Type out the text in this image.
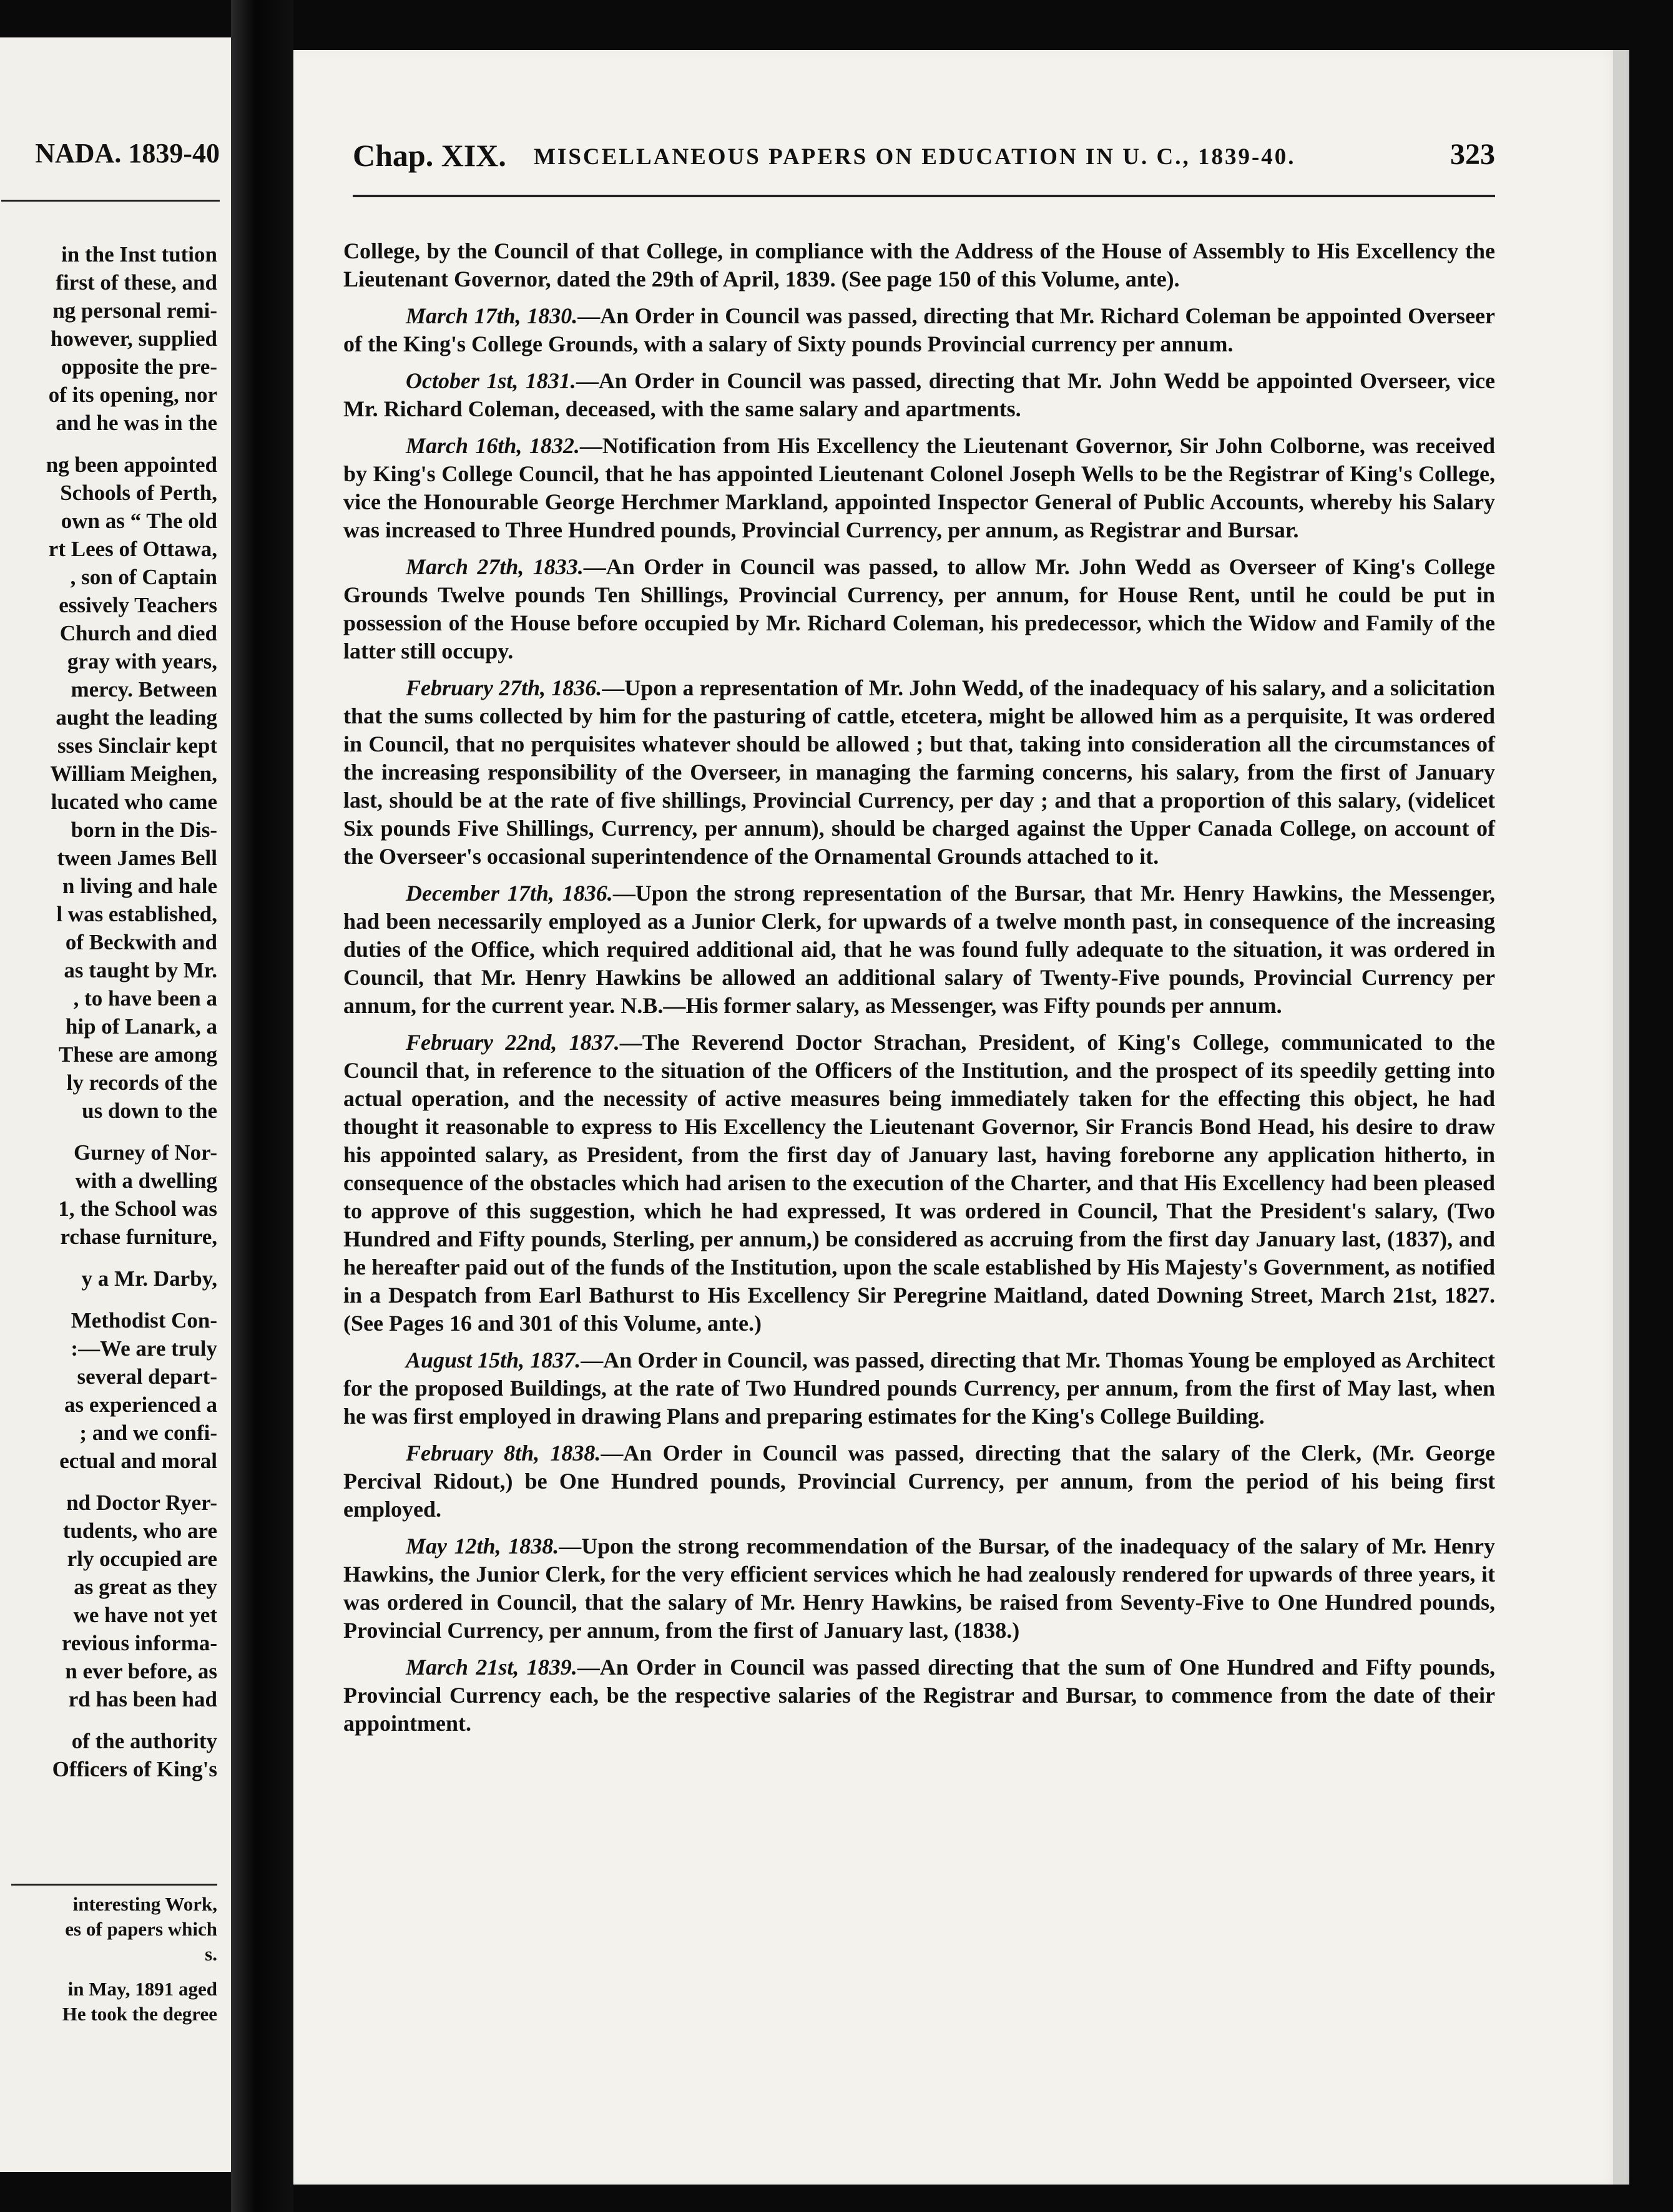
NADA. 1839-40
in the Inst tution
first of these, and
ng personal remi-
however, supplied
opposite the pre-
of its opening, nor
and he was in the
ng been appointed
Schools of Perth,
own as “ The old
rt Lees of Ottawa,
, son of Captain
essively Teachers
Church and died
gray with years,
mercy. Between
aught the leading
sses Sinclair kept
William Meighen,
lucated who came
born in the Dis-
tween James Bell
n living and hale
l was established,
of Beckwith and
as taught by Mr.
, to have been a
hip of Lanark, a
These are among
ly records of the
us down to the
Gurney of Nor-
with a dwelling
1, the School was
rchase furniture,
y a Mr. Darby,
Methodist Con-
:—We are truly
several depart-
as experienced a
; and we confi-
ectual and moral
nd Doctor Ryer-
tudents, who are
rly occupied are
as great as they
we have not yet
revious informa-
n ever before, as
rd has been had
of the authority
Officers of King's
interesting Work,
es of papers which
s.
in May, 1891 aged
He took the degree
Chap. XIX. MISCELLANEOUS PAPERS ON EDUCATION IN U. C., 1839-40.	323

College, by the Council of that College, in compliance with the Address of the House of Assembly to His Excellency the Lieutenant Governor, dated the 29th of April, 1839. (See page 150 of this Volume, ante).

March 17th, 1830.—An Order in Council was passed, directing that Mr. Richard Coleman be appointed Overseer of the King's College Grounds, with a salary of Sixty pounds Provincial currency per annum.

October 1st, 1831.—An Order in Council was passed, directing that Mr. John Wedd be appointed Overseer, vice Mr. Richard Coleman, deceased, with the same salary and apartments.

March 16th, 1832.—Notification from His Excellency the Lieutenant Governor, Sir John Colborne, was received by King's College Council, that he has appointed Lieutenant Colonel Joseph Wells to be the Registrar of King's College, vice the Honourable George Herchmer Markland, appointed Inspector General of Public Accounts, whereby his Salary was increased to Three Hundred pounds, Provincial Currency, per annum, as Registrar and Bursar.

March 27th, 1833.—An Order in Council was passed, to allow Mr. John Wedd as Overseer of King's College Grounds Twelve pounds Ten Shillings, Provincial Currency, per annum, for House Rent, until he could be put in possession of the House before occupied by Mr. Richard Coleman, his predecessor, which the Widow and Family of the latter still occupy.

February 27th, 1836.—Upon a representation of Mr. John Wedd, of the inadequacy of his salary, and a solicitation that the sums collected by him for the pasturing of cattle, etcetera, might be allowed him as a perquisite, It was ordered in Council, that no perquisites whatever should be allowed ; but that, taking into consideration all the circumstances of the increasing responsibility of the Overseer, in managing the farming concerns, his salary, from the first of January last, should be at the rate of five shillings, Provincial Currency, per day ; and that a proportion of this salary, (videlicet Six pounds Five Shillings, Currency, per annum), should be charged against the Upper Canada College, on account of the Overseer's occasional superintendence of the Ornamental Grounds attached to it.

December 17th, 1836.—Upon the strong representation of the Bursar, that Mr. Henry Hawkins, the Messenger, had been necessarily employed as a Junior Clerk, for upwards of a twelve month past, in consequence of the increasing duties of the Office, which required additional aid, that he was found fully adequate to the situation, it was ordered in Council, that Mr. Henry Hawkins be allowed an additional salary of Twenty-Five pounds, Provincial Currency per annum, for the current year. N.B.—His former salary, as Messenger, was Fifty pounds per annum.

February 22nd, 1837.—The Reverend Doctor Strachan, President, of King's College, communicated to the Council that, in reference to the situation of the Officers of the Institution, and the prospect of its speedily getting into actual operation, and the necessity of active measures being immediately taken for the effecting this object, he had thought it reasonable to express to His Excellency the Lieutenant Governor, Sir Francis Bond Head, his desire to draw his appointed salary, as President, from the first day of January last, having foreborne any application hitherto, in consequence of the obstacles which had arisen to the execution of the Charter, and that His Excellency had been pleased to approve of this suggestion, which he had expressed, It was ordered in Council, That the President's salary, (Two Hundred and Fifty pounds, Sterling, per annum,) be considered as accruing from the first day January last, (1837), and he hereafter paid out of the funds of the Institution, upon the scale established by His Majesty's Government, as notified in a Despatch from Earl Bathurst to His Excellency Sir Peregrine Maitland, dated Downing Street, March 21st, 1827. (See Pages 16 and 301 of this Volume, ante.)

August 15th, 1837.—An Order in Council, was passed, directing that Mr. Thomas Young be employed as Architect for the proposed Buildings, at the rate of Two Hundred pounds Currency, per annum, from the first of May last, when he was first employed in drawing Plans and preparing estimates for the King's College Building.

February 8th, 1838.—An Order in Council was passed, directing that the salary of the Clerk, (Mr. George Percival Ridout,) be One Hundred pounds, Provincial Currency, per annum, from the period of his being first employed.

May 12th, 1838.—Upon the strong recommendation of the Bursar, of the inadequacy of the salary of Mr. Henry Hawkins, the Junior Clerk, for the very efficient services which he had zealously rendered for upwards of three years, it was ordered in Council, that the salary of Mr. Henry Hawkins, be raised from Seventy-Five to One Hundred pounds, Provincial Currency, per annum, from the first of January last, (1838.)

March 21st, 1839.—An Order in Council was passed directing that the sum of One Hundred and Fifty pounds, Provincial Currency each, be the respective salaries of the Registrar and Bursar, to commence from the date of their appointment.
